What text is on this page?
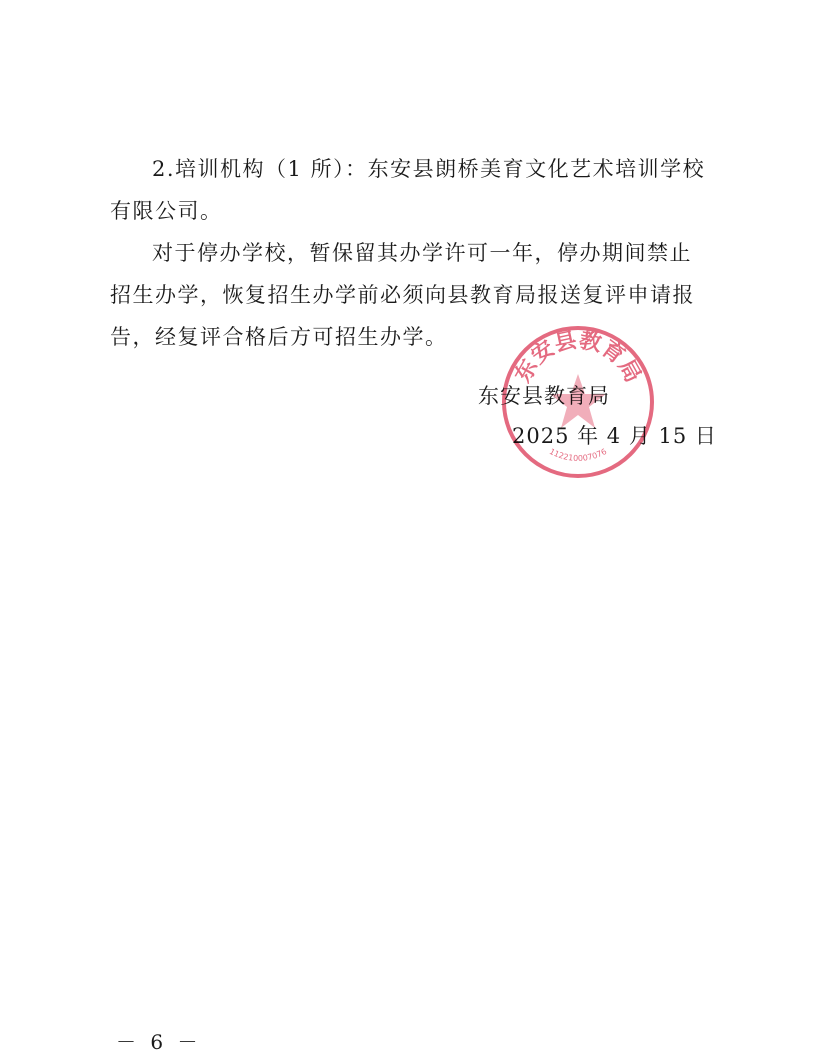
2.培训机构（1 所）：东安县朗桥美育文化艺术培训学校有限公司。

对于停办学校，暂保留其办学许可一年，停办期间禁止招生办学，恢复招生办学前必须向县教育局报送复评申请报告，经复评合格后方可招生办学。

东安县教育局
2025 年 4 月 15 日
东安县教育局
112210007076
－ 6 －
